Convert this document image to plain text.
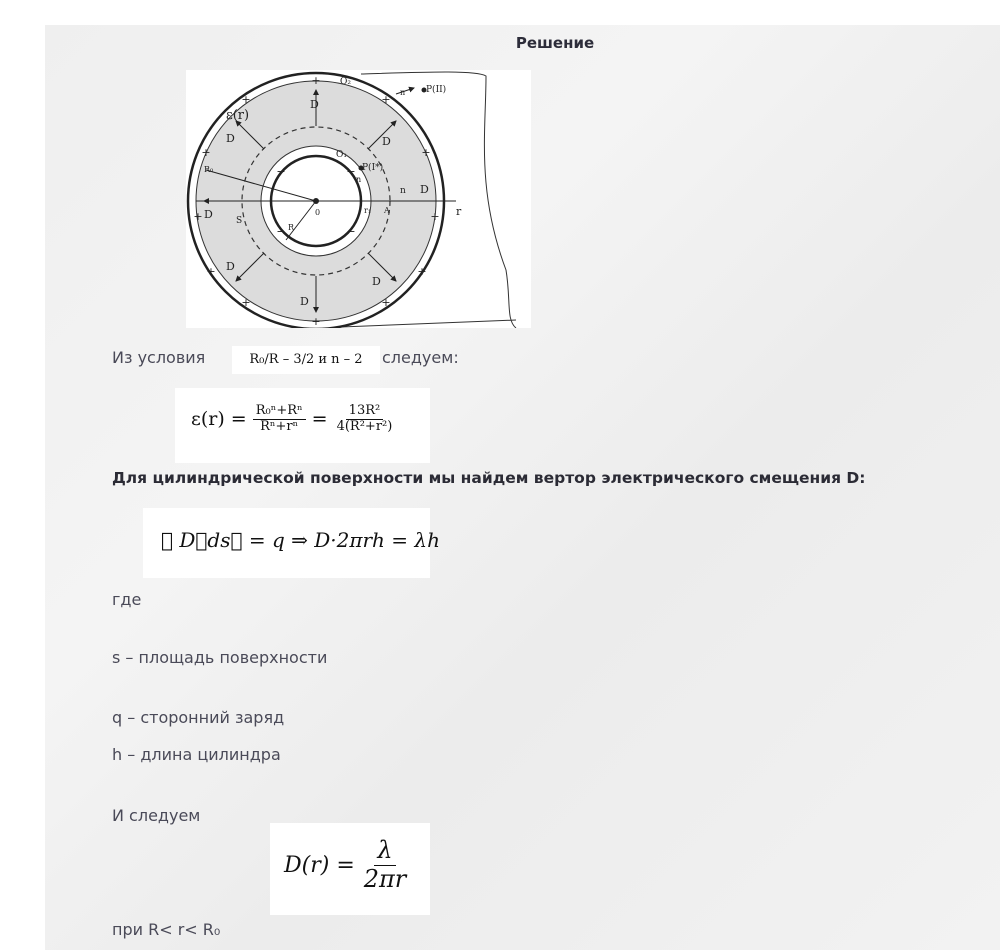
Решение
+
+	+
+	+
+	+
+	+
+	+
+
−	−
−	−
ε(r)
D
D	D
D
D
D
D
D
P(II)
P(I*)
n
n
n
r
R₀
R
0
S
A
r₁
O₁
O₂
Из условия	R₀/R – 3/2 и n – 2	следуем:
$\varepsilon(r) = \frac{\text{R₀ⁿ+Rⁿ}}{\text{Rⁿ+rⁿ}} = \frac{\text{13R²}}{\text{4(R²+r²)}}$
Для цилиндрической поверхности мы найдем вертор электрического смещения D:
∮ D⃗ds⃗ = q ⇒ D·2πrh = λh
где
s – площадь поверхности
q – сторонний заряд
h – длина цилиндра
И следуем
$D(r) = \frac{\lambda}{2\pi r}$
при R< r< R₀
